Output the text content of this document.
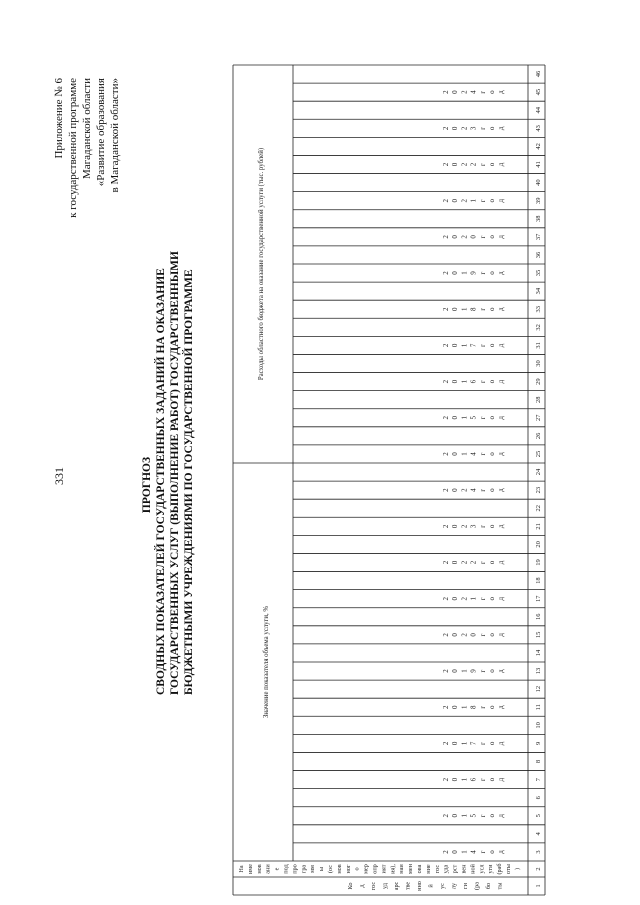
331
Приложение № 6 к государственной программе Магаданской области «Развитие образования в Магаданской области»
ПРОГНОЗ СВОДНЫХ ПОКАЗАТЕЛЕЙ ГОСУДАРСТВЕННЫХ ЗАДАНИЙ НА ОКАЗАНИЕ ГОСУДАРСТВЕННЫХ УСЛУГ (ВЫПОЛНЕНИЕ РАБОТ) ГОСУДАРСТВЕННЫМИ БЮДЖЕТНЫМИ УЧРЕЖДЕНИЯМИ ПО ГОСУДАРСТВЕННОЙ ПРОГРАММЕ	Значение показателя объема услуги, %
Расходы областного бюджета на оказание государственной услуги (тыс. рублей)
Ко д гос уд арс тве нно й ус лу ги (ра бо ты
На име нов ани е под про гра мм ы (ос нов ног о мер опр ият ия), наи мен ова ние гос уда рст вен ной усл уги (раб оты )
2 0 1 4 г о д
2 0 1 5 г о д
2 0 1 6 г о д
2 0 1 7 г о д
2 0 1 8 г о д
2 0 1 9 г о д
2 0 2 0 г о д
2 0 2 1 г о д
2 0 2 2 г о д
2 0 2 3 г о д
2 0 2 4 г о д
2 0 1 4 г о д
2 0 1 5 г о д
2 0 1 6 г о д
2 0 1 7 г о д
2 0 1 8 г о д
2 0 1 9 г о д
2 0 2 0 г о д
2 0 2 1 г о д
2 0 2 2 г о д
2 0 2 3 г о д
2 0 2 4 г о д
1
2
3
4
5
6
7
8
9
10
11
12
13
14
15
16
17
18
19
20
21
22
23
24
25
26
27
28
29
30
31
32
33
34
35
36
37
38
39
40
41
42
43
44
45
46
